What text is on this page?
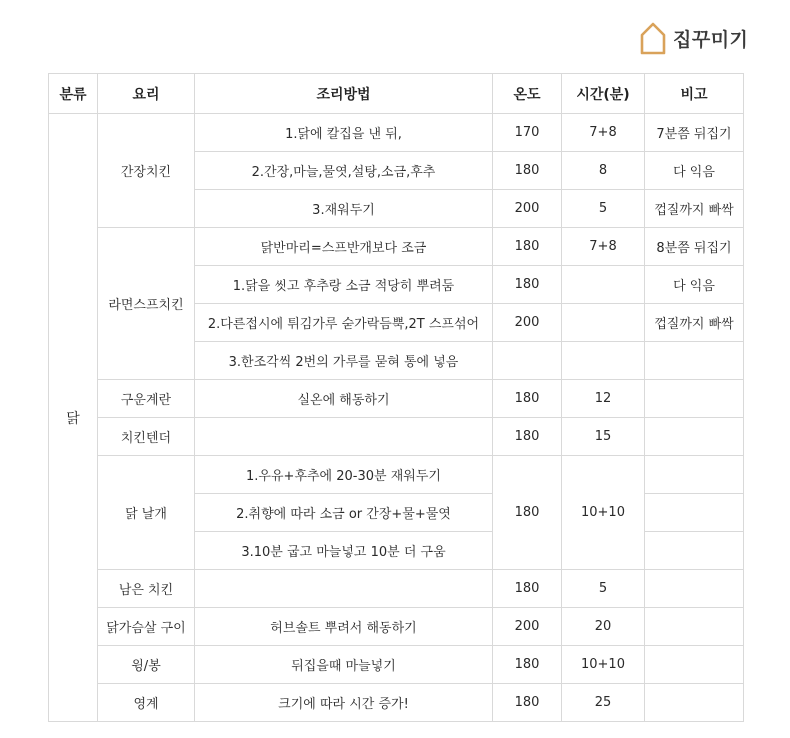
집꾸미기
분류	요리	조리방법	온도	시간(분)	비고
닭	간장치킨	1.닭에 칼집을 낸 뒤,	170	7+8	7분쯤 뒤집기
		2.간장,마늘,물엿,설탕,소금,후추	180	8	다 익음
		3.재워두기	200	5	껍질까지 빠싹
	라면스프치킨	닭반마리=스프반개보다 조금	180	7+8	8분쯤 뒤집기
		1.닭을 씻고 후추랑 소금 적당히 뿌려둠	180		다 익음
		2.다른접시에 튀김가루 숟가락듬뿍,2T 스프섞어	200		껍질까지 빠싹
		3.한조각씩 2번의 가루를 묻혀 통에 넣음			
	구운계란	실온에 해동하기	180	12	
	치킨텐더		180	15	
	닭 날개	1.우유+후추에 20-30분 재워두기	180	10+10	
		2.취향에 따라 소금 or 간장+물+물엿			
		3.10분 굽고 마늘넣고 10분 더 구움			
	남은 치킨		180	5	
	닭가슴살 구이	허브솔트 뿌려서 해동하기	200	20	
	윙/봉	뒤집을때 마늘넣기	180	10+10	
	영계	크기에 따라 시간 증가!	180	25	
